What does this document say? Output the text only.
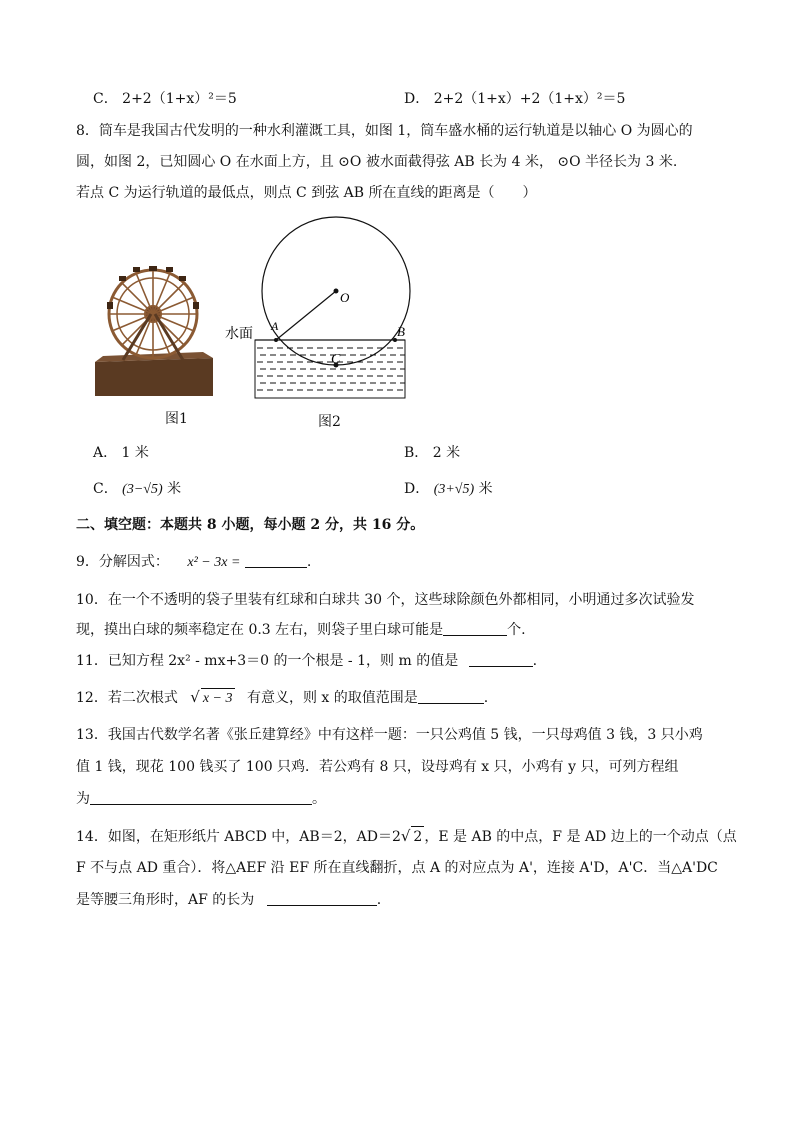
C． 2+2（1+x）²＝5	D． 2+2（1+x）+2（1+x）²＝5
8．筒车是我国古代发明的一种水利灌溉工具，如图 1，筒车盛水桶的运行轨道是以轴心 O 为圆心的
圆，如图 2，已知圆心 O 在水面上方，且 ⊙O 被水面截得弦 AB 长为 4 米， ⊙O 半径长为 3 米.
若点 C 为运行轨道的最低点，则点 C 到弦 AB 所在直线的距离是（　　）
图1
O
A	B
C
水面
图2
A． 1 米	B． 2 米
C． (3−√5) 米	D． (3+√5) 米
二、填空题：本题共 8 小题，每小题 2 分，共 16 分。
9．分解因式： x² − 3x =	.
10．在一个不透明的袋子里装有红球和白球共 30 个，这些球除颜色外都相同，小明通过多次试验发
现，摸出白球的频率稳定在 0.3 左右，则袋子里白球可能是	个.
11．已知方程 2x² - mx+3＝0 的一个根是 - 1，则 m 的值是	.
12．若二次根式 √ x − 3 有意义，则 x 的取值范围是	.
13．我国古代数学名著《张丘建算经》中有这样一题：一只公鸡值 5 钱，一只母鸡值 3 钱，3 只小鸡
值 1 钱，现花 100 钱买了 100 只鸡．若公鸡有 8 只，设母鸡有 x 只，小鸡有 y 只，可列方程组
为	。
14．如图，在矩形纸片 ABCD 中，AB＝2，AD＝2√ 2 ，E 是 AB 的中点，F 是 AD 边上的一个动点（点
F 不与点 AD 重合）．将△AEF 沿 EF 所在直线翻折，点 A 的对应点为 A'，连接 A'D，A'C．当△A'DC
是等腰三角形时，AF 的长为	.
